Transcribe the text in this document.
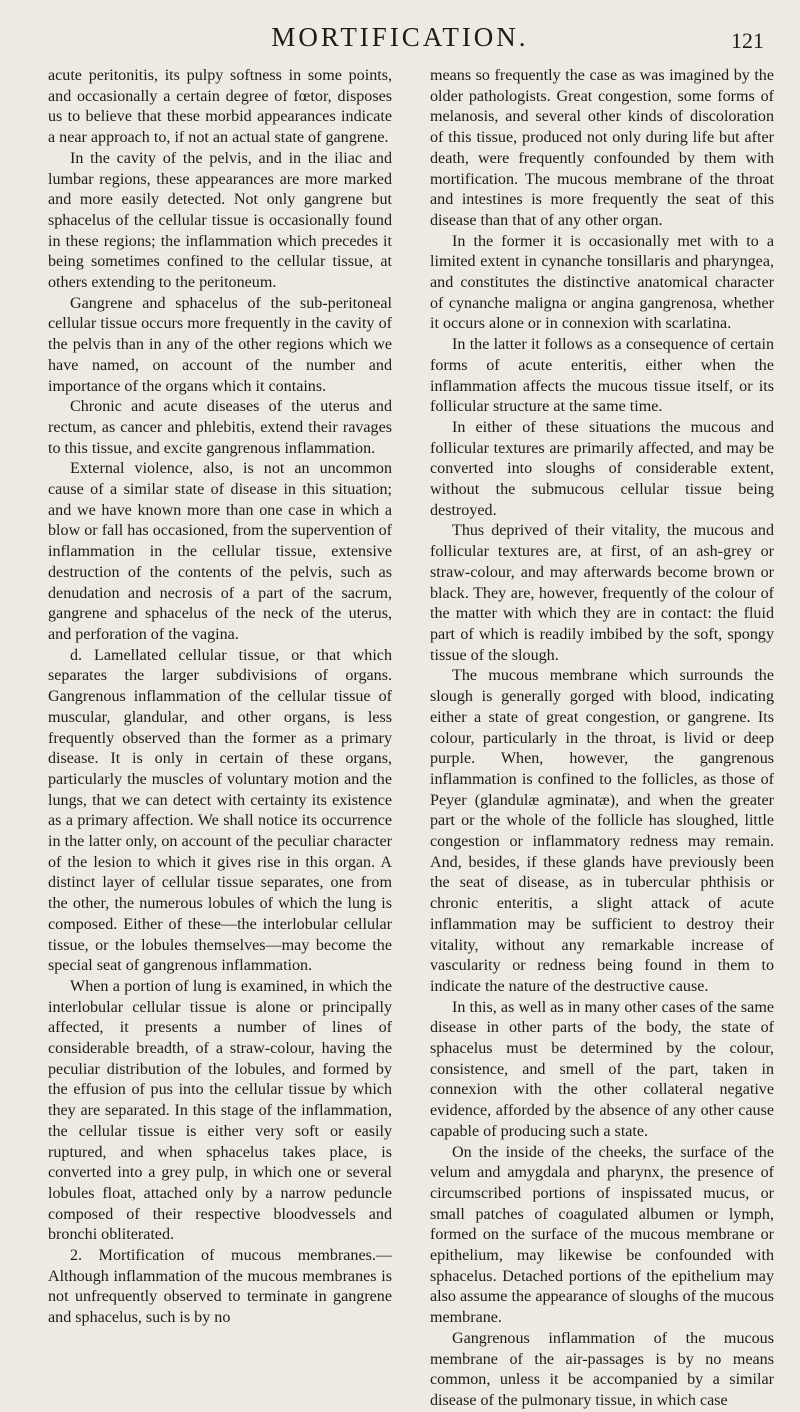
MORTIFICATION.	121

acute peritonitis, its pulpy softness in some points, and occasionally a certain degree of fœtor, disposes us to believe that these morbid appearances indicate a near approach to, if not an actual state of gangrene.

In the cavity of the pelvis, and in the iliac and lumbar regions, these appearances are more marked and more easily detected. Not only gangrene but sphacelus of the cellular tissue is occasionally found in these regions; the inflammation which precedes it being sometimes confined to the cellular tissue, at others extending to the peritoneum.

Gangrene and sphacelus of the sub-peritoneal cellular tissue occurs more frequently in the cavity of the pelvis than in any of the other regions which we have named, on account of the number and importance of the organs which it contains.

Chronic and acute diseases of the uterus and rectum, as cancer and phlebitis, extend their ravages to this tissue, and excite gangrenous inflammation.

External violence, also, is not an uncommon cause of a similar state of disease in this situation; and we have known more than one case in which a blow or fall has occasioned, from the supervention of inflammation in the cellular tissue, extensive destruction of the contents of the pelvis, such as denudation and necrosis of a part of the sacrum, gangrene and sphacelus of the neck of the uterus, and perforation of the vagina.

d. Lamellated cellular tissue, or that which separates the larger subdivisions of organs. Gangrenous inflammation of the cellular tissue of muscular, glandular, and other organs, is less frequently observed than the former as a primary disease. It is only in certain of these organs, particularly the muscles of voluntary motion and the lungs, that we can detect with certainty its existence as a primary affection. We shall notice its occurrence in the latter only, on account of the peculiar character of the lesion to which it gives rise in this organ. A distinct layer of cellular tissue separates, one from the other, the numerous lobules of which the lung is composed. Either of these—the interlobular cellular tissue, or the lobules themselves—may become the special seat of gangrenous inflammation.

When a portion of lung is examined, in which the interlobular cellular tissue is alone or principally affected, it presents a number of lines of considerable breadth, of a straw-colour, having the peculiar distribution of the lobules, and formed by the effusion of pus into the cellular tissue by which they are separated. In this stage of the inflammation, the cellular tissue is either very soft or easily ruptured, and when sphacelus takes place, is converted into a grey pulp, in which one or several lobules float, attached only by a narrow peduncle composed of their respective bloodvessels and bronchi obliterated.

2. Mortification of mucous membranes.—Although inflammation of the mucous membranes is not unfrequently observed to terminate in gangrene and sphacelus, such is by no

means so frequently the case as was imagined by the older pathologists. Great congestion, some forms of melanosis, and several other kinds of discoloration of this tissue, produced not only during life but after death, were frequently confounded by them with mortification. The mucous membrane of the throat and intestines is more frequently the seat of this disease than that of any other organ.

In the former it is occasionally met with to a limited extent in cynanche tonsillaris and pharyngea, and constitutes the distinctive anatomical character of cynanche maligna or angina gangrenosa, whether it occurs alone or in connexion with scarlatina.

In the latter it follows as a consequence of certain forms of acute enteritis, either when the inflammation affects the mucous tissue itself, or its follicular structure at the same time.

In either of these situations the mucous and follicular textures are primarily affected, and may be converted into sloughs of considerable extent, without the submucous cellular tissue being destroyed.

Thus deprived of their vitality, the mucous and follicular textures are, at first, of an ash-grey or straw-colour, and may afterwards become brown or black. They are, however, frequently of the colour of the matter with which they are in contact: the fluid part of which is readily imbibed by the soft, spongy tissue of the slough.

The mucous membrane which surrounds the slough is generally gorged with blood, indicating either a state of great congestion, or gangrene. Its colour, particularly in the throat, is livid or deep purple. When, however, the gangrenous inflammation is confined to the follicles, as those of Peyer (glandulæ agminatæ), and when the greater part or the whole of the follicle has sloughed, little congestion or inflammatory redness may remain. And, besides, if these glands have previously been the seat of disease, as in tubercular phthisis or chronic enteritis, a slight attack of acute inflammation may be sufficient to destroy their vitality, without any remarkable increase of vascularity or redness being found in them to indicate the nature of the destructive cause.

In this, as well as in many other cases of the same disease in other parts of the body, the state of sphacelus must be determined by the colour, consistence, and smell of the part, taken in connexion with the other collateral negative evidence, afforded by the absence of any other cause capable of producing such a state.

On the inside of the cheeks, the surface of the velum and amygdala and pharynx, the presence of circumscribed portions of inspissated mucus, or small patches of coagulated albumen or lymph, formed on the surface of the mucous membrane or epithelium, may likewise be confounded with sphacelus. Detached portions of the epithelium may also assume the appearance of sloughs of the mucous membrane.

Gangrenous inflammation of the mucous membrane of the air-passages is by no means common, unless it be accompanied by a similar disease of the pulmonary tissue, in which case
